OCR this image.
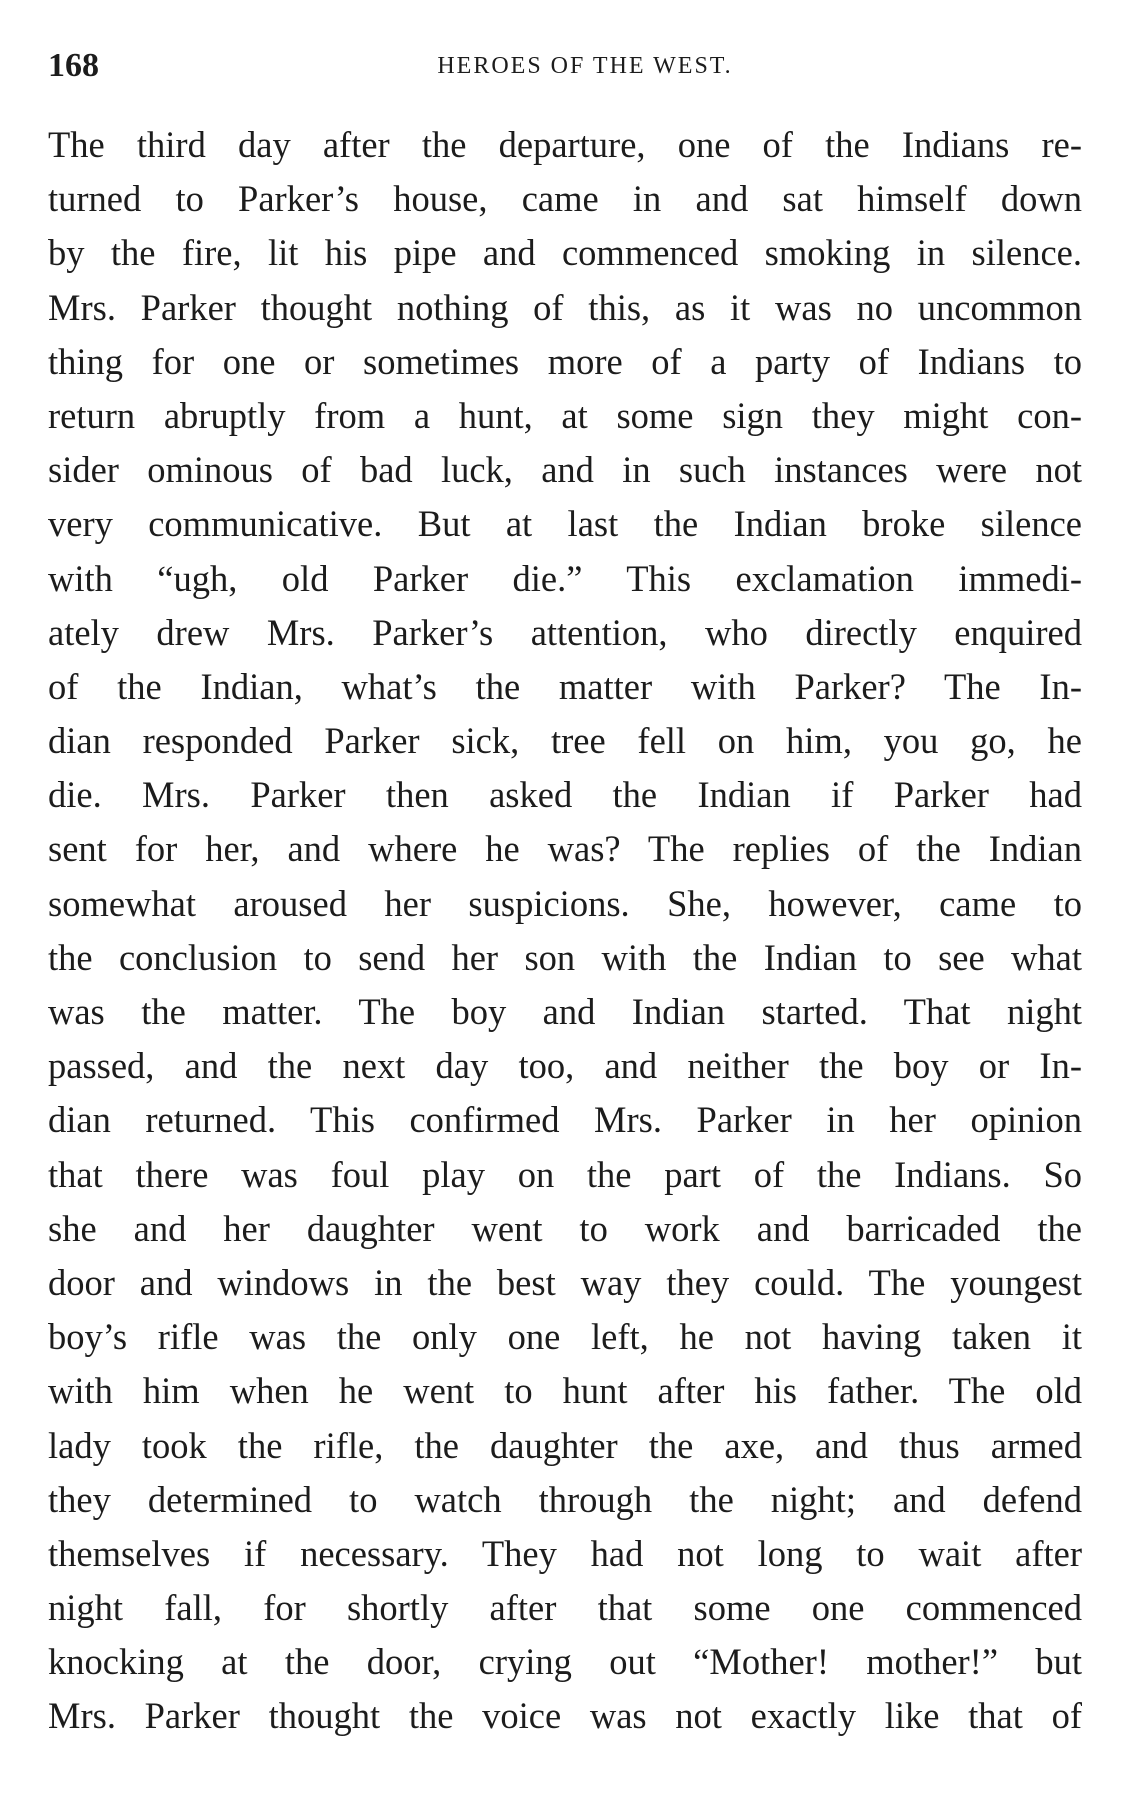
168	HEROES OF THE WEST.
The third day after the departure, one of the Indians re-
turned to Parker’s house, came in and sat himself down
by the fire, lit his pipe and commenced smoking in silence.
Mrs. Parker thought nothing of this, as it was no uncommon
thing for one or sometimes more of a party of Indians to
return abruptly from a hunt, at some sign they might con-
sider ominous of bad luck, and in such instances were not
very communicative. But at last the Indian broke silence
with “ugh, old Parker die.” This exclamation immedi-
ately drew Mrs. Parker’s attention, who directly enquired
of the Indian, what’s the matter with Parker? The In-
dian responded Parker sick, tree fell on him, you go, he
die. Mrs. Parker then asked the Indian if Parker had
sent for her, and where he was? The replies of the Indian
somewhat aroused her suspicions. She, however, came to
the conclusion to send her son with the Indian to see what
was the matter. The boy and Indian started. That night
passed, and the next day too, and neither the boy or In-
dian returned. This confirmed Mrs. Parker in her opinion
that there was foul play on the part of the Indians. So
she and her daughter went to work and barricaded the
door and windows in the best way they could. The youngest
boy’s rifle was the only one left, he not having taken it
with him when he went to hunt after his father. The old
lady took the rifle, the daughter the axe, and thus armed
they determined to watch through the night; and defend
themselves if necessary. They had not long to wait after
night fall, for shortly after that some one commenced
knocking at the door, crying out “Mother! mother!” but
Mrs. Parker thought the voice was not exactly like that of
